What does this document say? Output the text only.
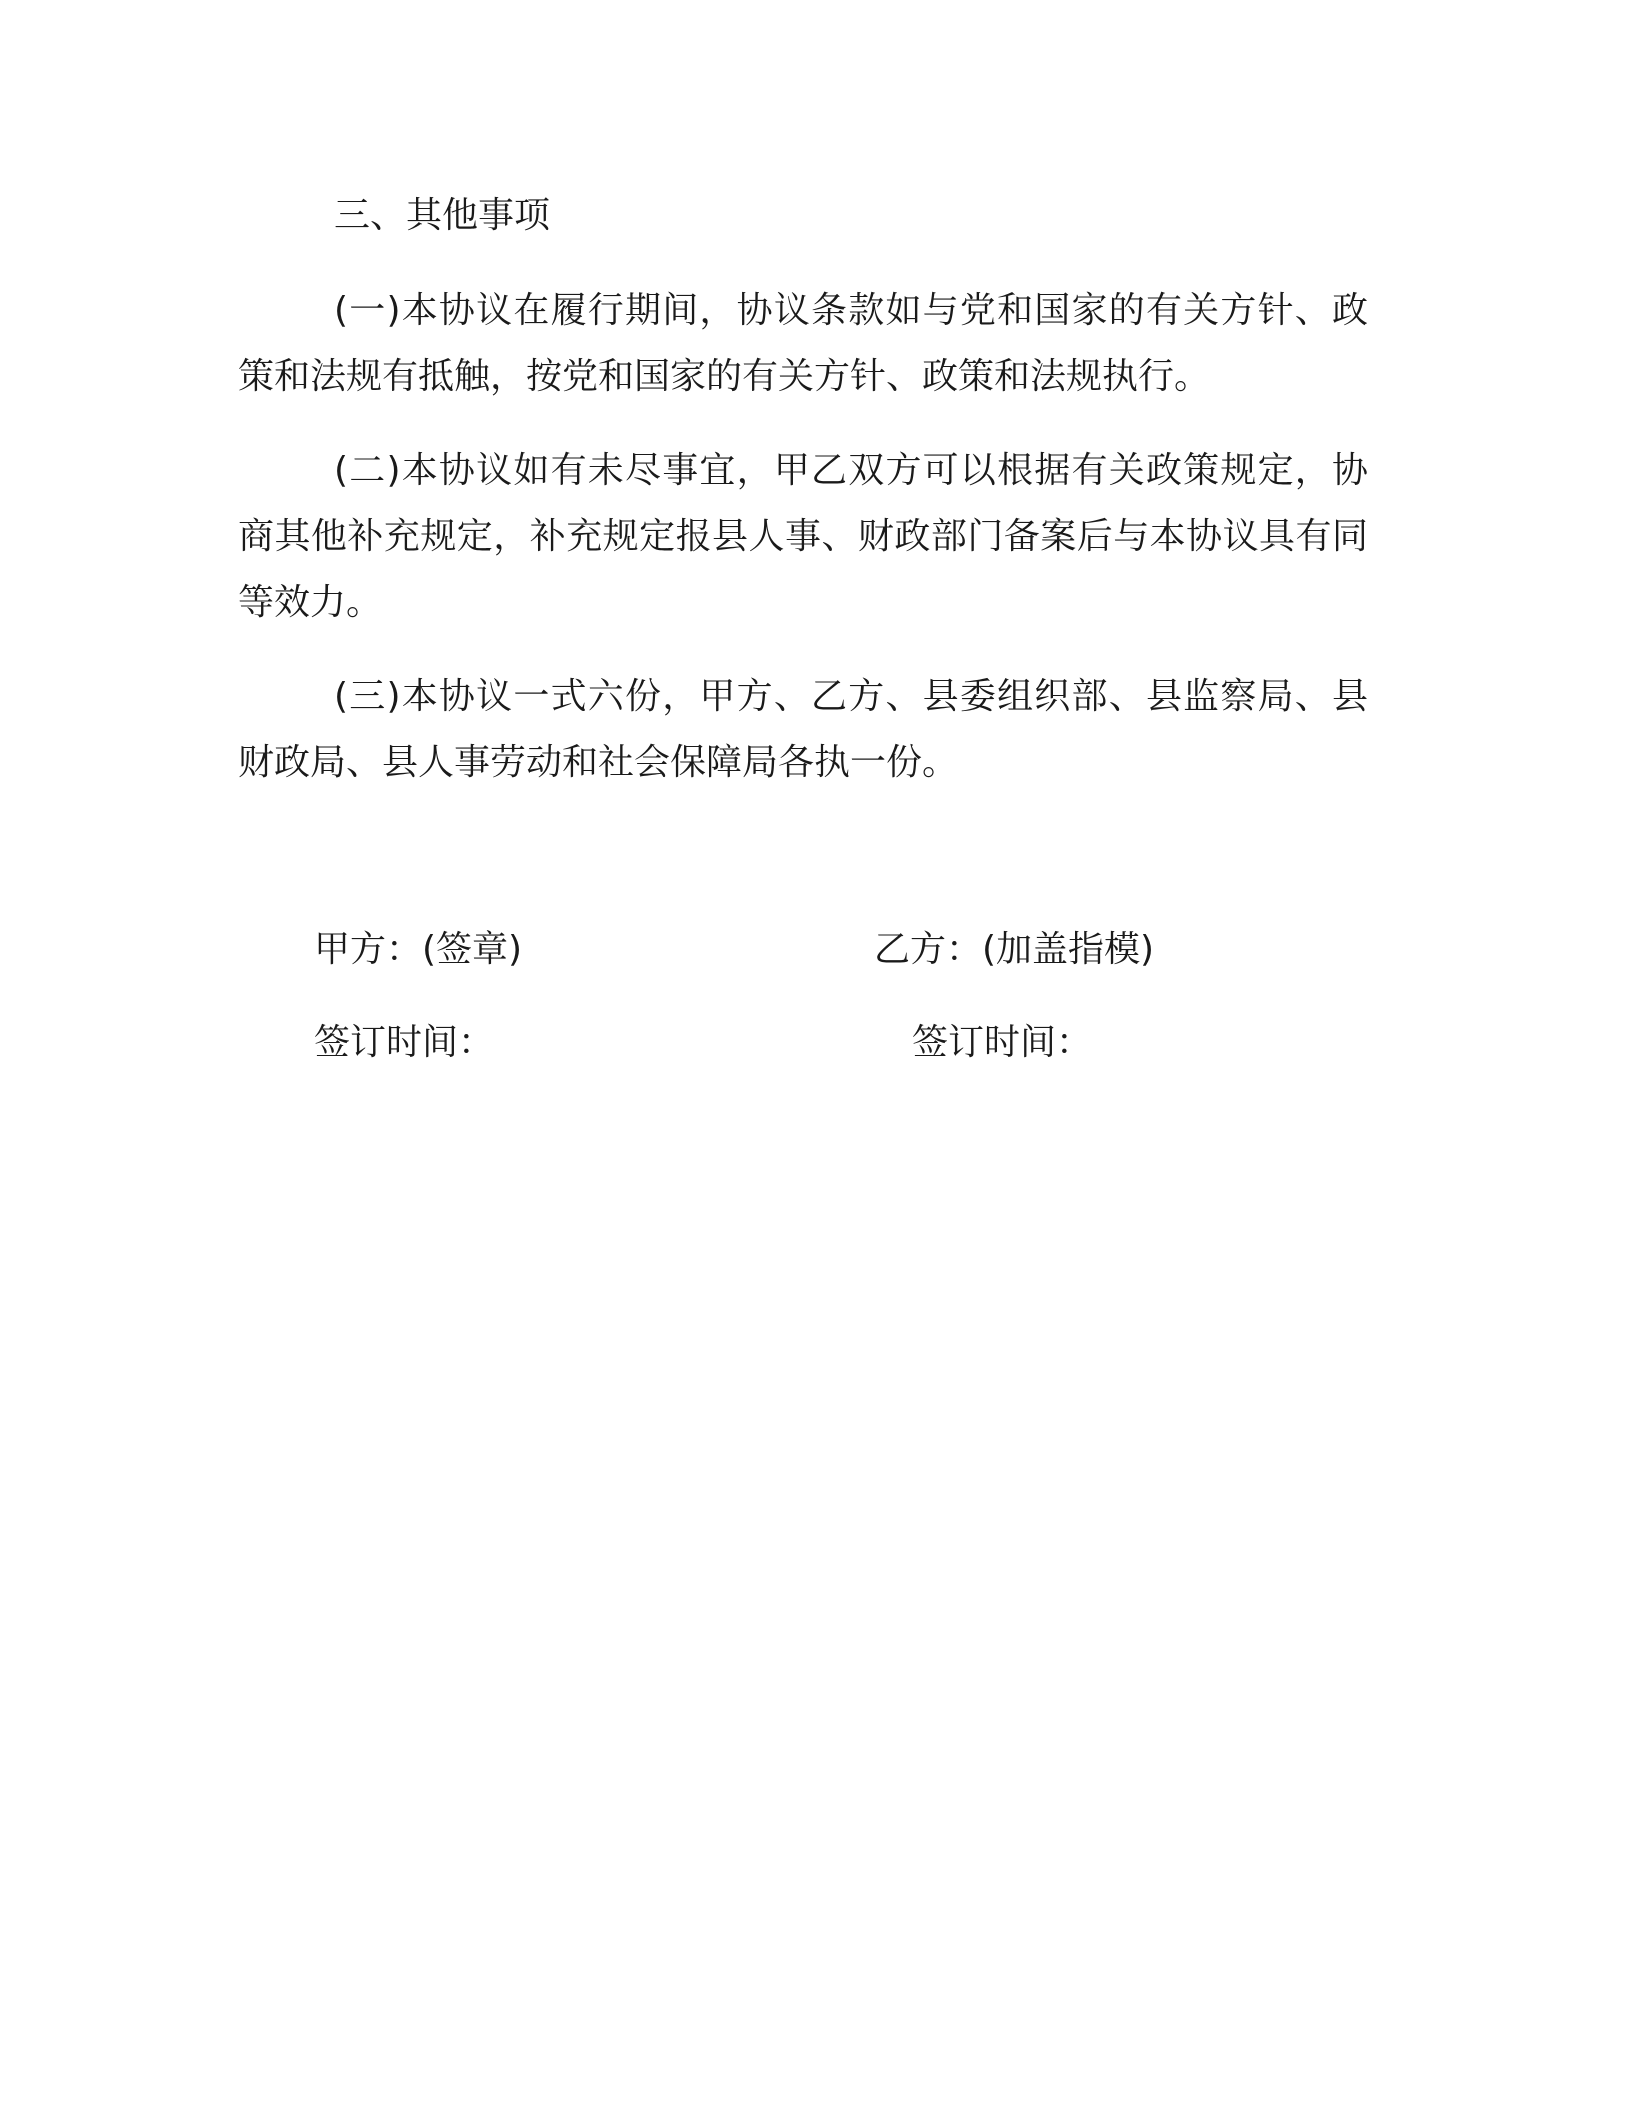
三、其他事项
(一)本协议在履行期间，协议条款如与党和国家的有关方针、政策和法规有抵触，按党和国家的有关方针、政策和法规执行。
(二)本协议如有未尽事宜，甲乙双方可以根据有关政策规定，协商其他补充规定，补充规定报县人事、财政部门备案后与本协议具有同等效力。
(三)本协议一式六份，甲方、乙方、县委组织部、县监察局、县财政局、县人事劳动和社会保障局各执一份。
甲方：(签章)
签订时间：
乙方：(加盖指模)
签订时间：
